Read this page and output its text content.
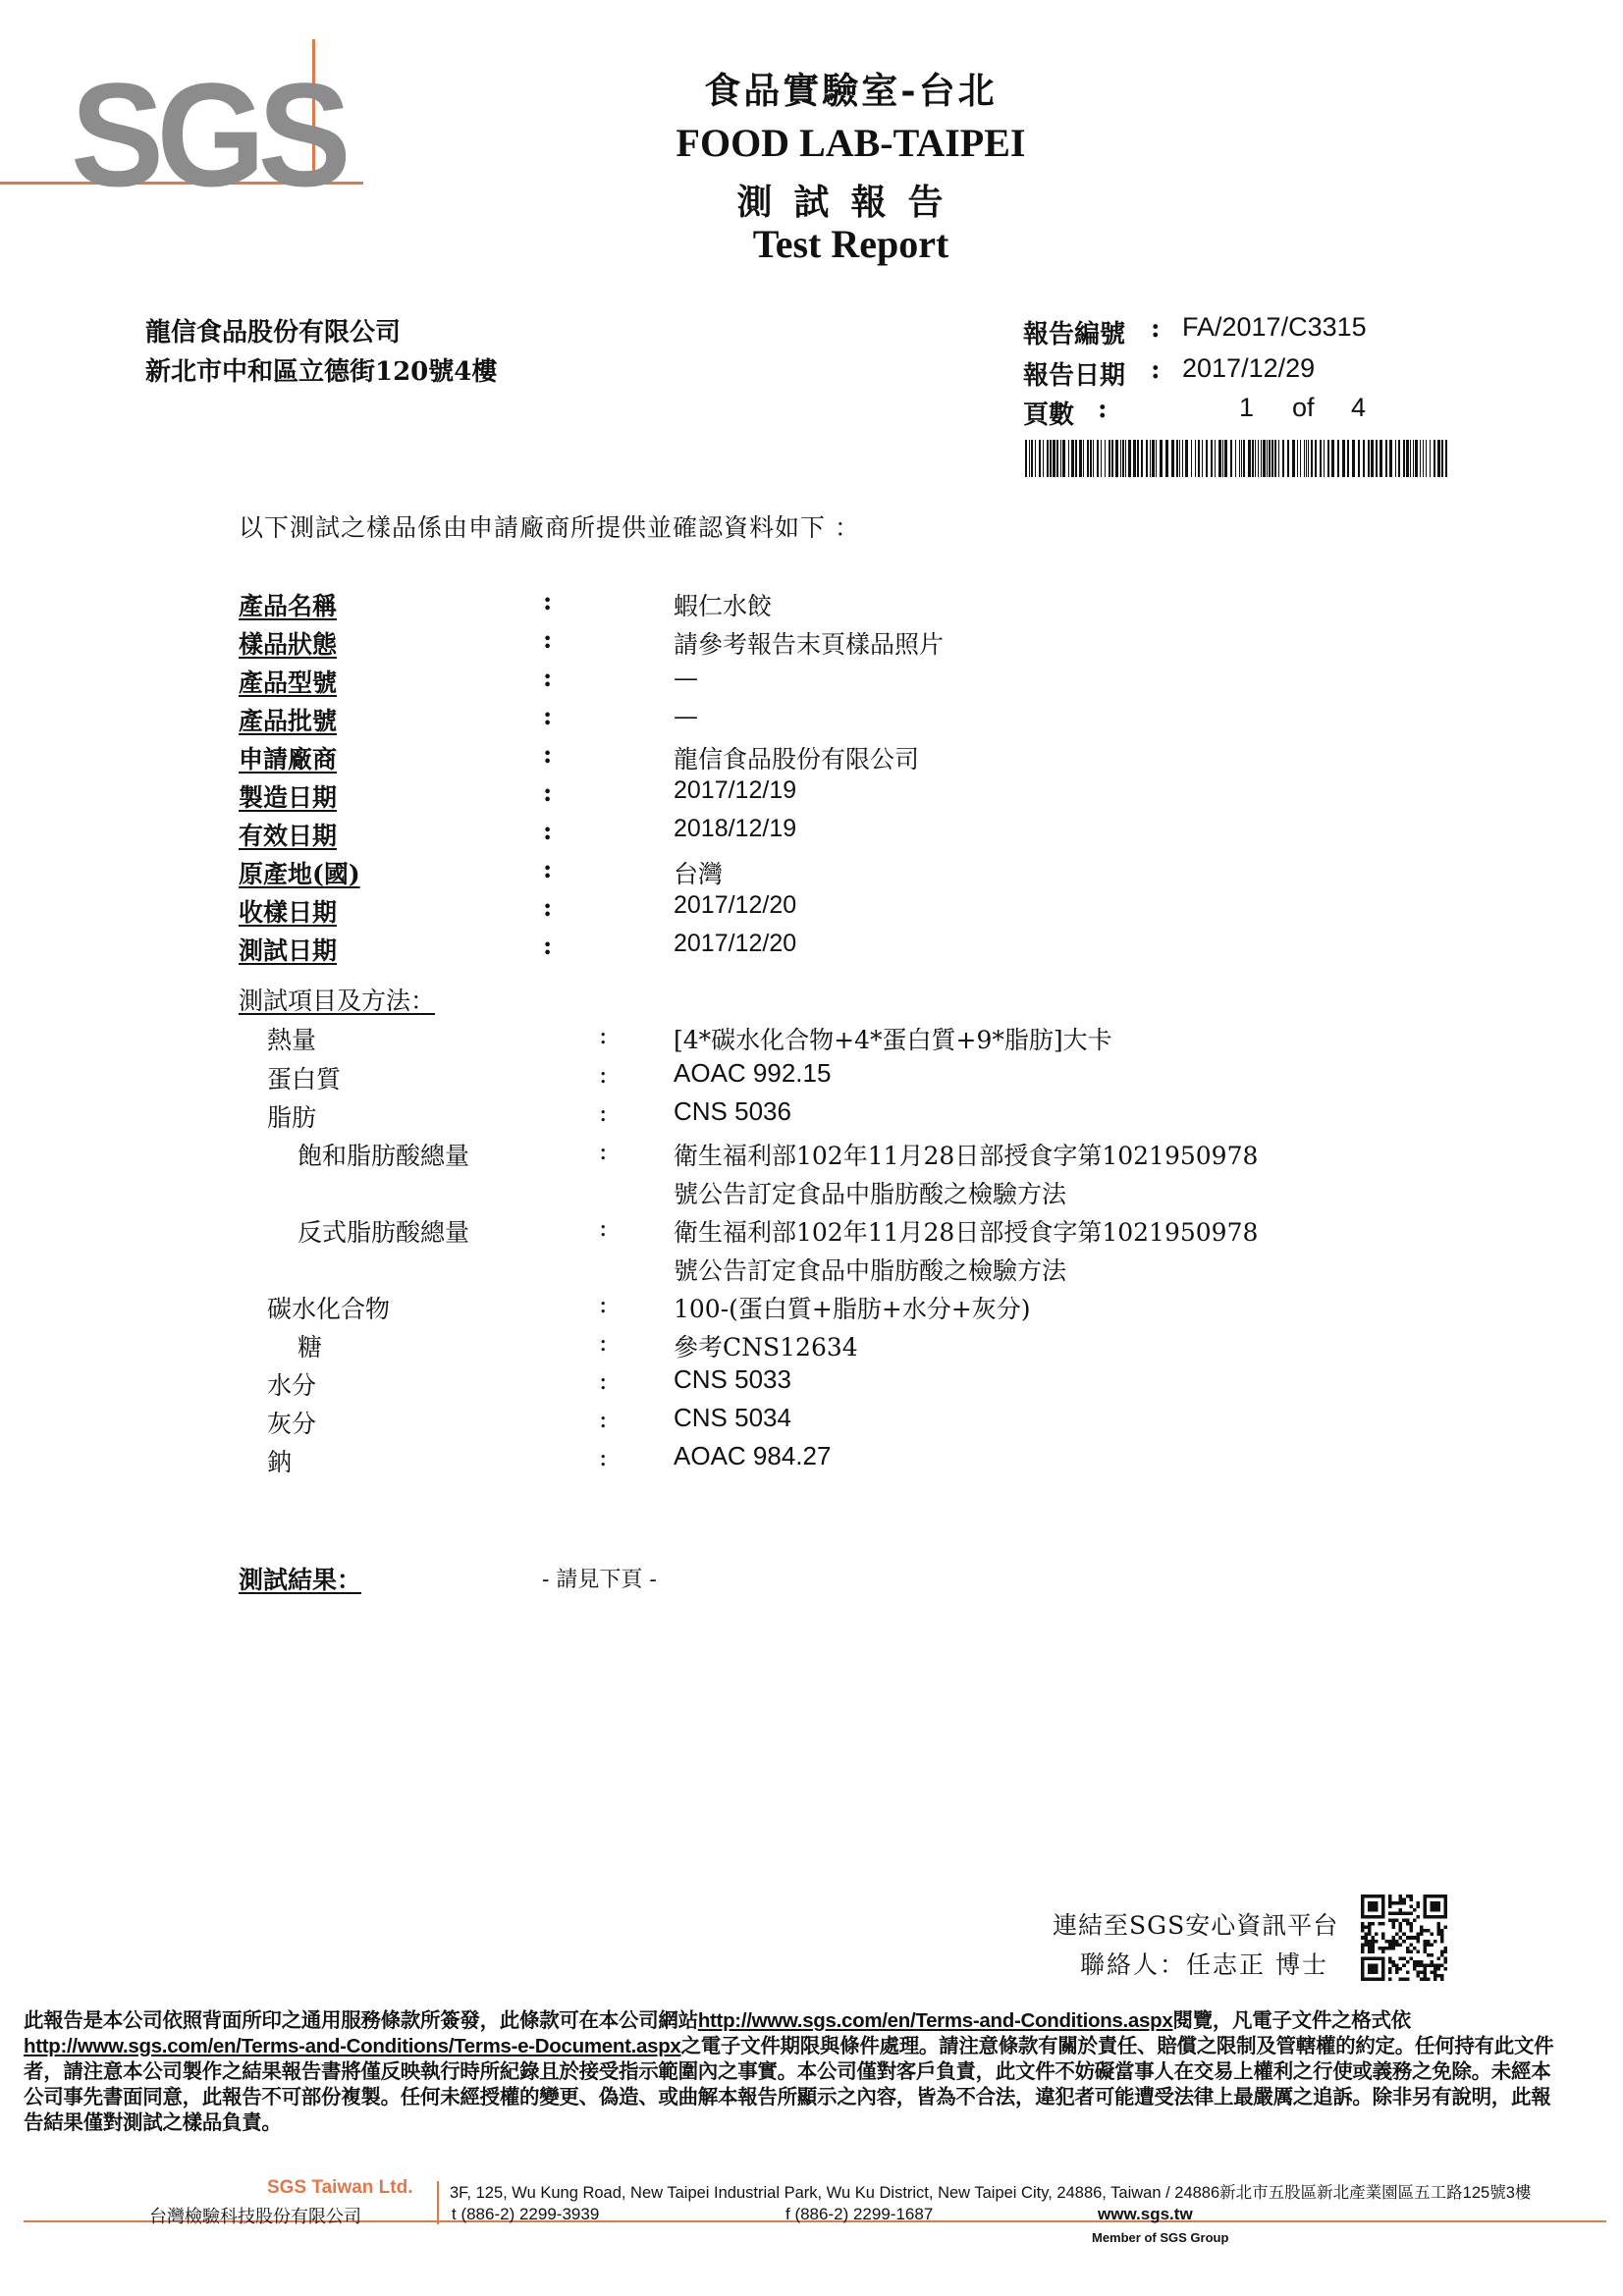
SGS	食品實驗室-台北
FOOD LAB-TAIPEI
測試報告
Test Report
龍信食品股份有限公司
新北市中和區立德街120號4樓
報告編號 : FA/2017/C3315
報告日期 : 2017/12/29
頁數 :	1 of 4
以下測試之樣品係由申請廠商所提供並確認資料如下 ：
產品名稱	:	蝦仁水餃
樣品狀態	:	請參考報告末頁樣品照片
產品型號	:	—
產品批號	:	—
申請廠商	:	龍信食品股份有限公司
製造日期	:	2017/12/19
有效日期	:	2018/12/19
原產地(國)	:	台灣
收樣日期	:	2017/12/20
測試日期	:	2017/12/20
測試項目及方法：
熱量	:	[4*碳水化合物+4*蛋白質+9*脂肪]大卡
蛋白質	:	AOAC 992.15
脂肪	:	CNS 5036
飽和脂肪酸總量	:	衛生福利部102年11月28日部授食字第1021950978
號公告訂定食品中脂肪酸之檢驗方法
反式脂肪酸總量	:	衛生福利部102年11月28日部授食字第1021950978
號公告訂定食品中脂肪酸之檢驗方法
碳水化合物	:	100-(蛋白質+脂肪+水分+灰分)
糖	:	參考CNS12634
水分	:	CNS 5033
灰分	:	CNS 5034
鈉	:	AOAC 984.27
測試結果：	- 請見下頁 -
連結至SGS安心資訊平台
聯絡人：任志正 博士
此報告是本公司依照背面所印之通用服務條款所簽發，此條款可在本公司網站http://www.sgs.com/en/Terms-and-Conditions.aspx閱覽，凡電子文件之格式依http://www.sgs.com/en/Terms-and-Conditions/Terms-e-Document.aspx之電子文件期限與條件處理。請注意條款有關於責任、賠償之限制及管轄權的約定。任何持有此文件者，請注意本公司製作之結果報告書將僅反映執行時所紀錄且於接受指示範圍內之事實。本公司僅對客戶負責，此文件不妨礙當事人在交易上權利之行使或義務之免除。未經本公司事先書面同意，此報告不可部份複製。任何未經授權的變更、偽造、或曲解本報告所顯示之內容，皆為不合法，違犯者可能遭受法律上最嚴厲之追訴。除非另有說明，此報告結果僅對測試之樣品負責。
SGS Taiwan Ltd.
台灣檢驗科技股份有限公司
3F, 125, Wu Kung Road, New Taipei Industrial Park, Wu Ku District, New Taipei City, 24886, Taiwan / 24886新北市五股區新北產業園區五工路125號3樓
t (886-2) 2299-3939	f (886-2) 2299-1687	www.sgs.tw
Member of SGS Group
